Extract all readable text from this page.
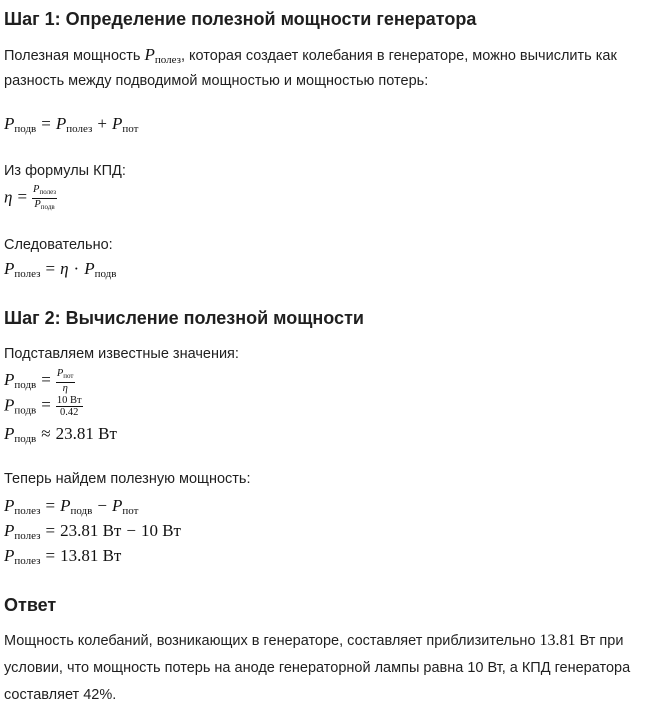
Шаг 1: Определение полезной мощности генератора
Полезная мощность $P_{полез}$, которая создает колебания в генераторе, можно вычислить как
разность между подводимой мощностью и мощностью потерь:
$P_{подв} = P_{полез} + P_{пот}$
Из формулы КПД:
$\eta = \frac{P_{полез}}{P_{подв}}$
Следовательно:
$P_{полез} = \eta \cdot P_{подв}$
Шаг 2: Вычисление полезной мощности
Подставляем известные значения:
$P_{подв} = \frac{P_{пот}}{\eta}$
$P_{подв} = \frac{10 Вт}{0.42}$
$P_{подв} \approx 23.81$ Вт
Теперь найдем полезную мощность:
$P_{полез} = P_{подв} - P_{пот}$
$P_{полез} = 23.81$ Вт − 10 Вт
$P_{полез} = 13.81$ Вт
Ответ
Мощность колебаний, возникающих в генераторе, составляет приблизительно 13.81 Вт при условии, что мощность потерь на аноде генераторной лампы равна 10 Вт, а КПД генератора составляет 42%.
